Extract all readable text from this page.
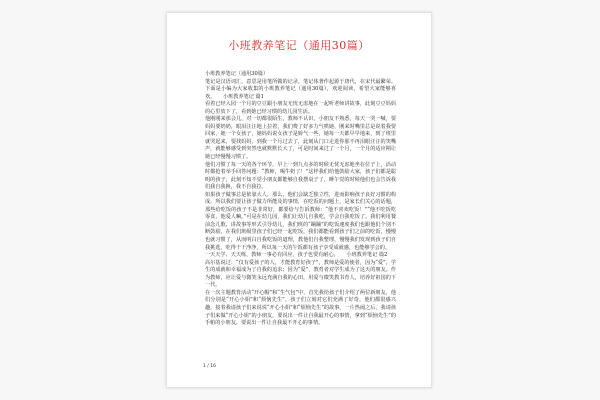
小班教养笔记（通用30篇）

小班教养笔记（通用30篇）

笔记是汉语词汇，意思是用笔所做的记录。笔记体著作起源于唐代，在宋代最繁荣。下面是小编为大家收集的小班教养笔记（通用30篇），欢迎阅读，希望大家能够喜欢。　　小班教养笔记 篇1

看着已经入园一个月的豆豆跟小朋友无忧无虑地在一起听老师讲故事，此刻豆豆妈妈的心里放下了，看到她已经习惯的幼儿园生活。

他刚刚来那会儿，对一切都很陌生，教师不认识，小朋友不熟悉，每天一哭一喊，要妈妈要奶奶，眼泪汪汪地上拉着，我们费了好多力气哄她，刚来时嘴里总是说着我要回家，她一个女孩子，她妈妈说女孩子是娇气一些，她每一天都早早地来，到了班里就哭起来，要找妈妈，到我一个月过去了，此刻从门口走进你那不再泪眼汪汪的笑嘴声，就能够感受到突然也就默默长大了，可是时间来过了一个月，一个月的适应期让她已经慢慢习惯了。

他们习惯了每一天的各个环节，早上一到九点多的时候无忧无虑地坐在位子上，活动时都抢着举手回答问题：“教师，喝牛奶了！”这样我们给他鼓励大家，孩子们都是聪明的孩子，此刻不知不觉小朋友都能够自我摆桌子了，睡午觉的时候他们也会告诉我们我自我换，我不自我拉。

如果孩子做事总是依靠大人，那么，他们会缺乏独立性，进而影响孩子良好习惯的构成。所以我们要让孩子做力所能及的事情，在吃饭的问题上，是家长们关心的话题，那些给吃饭的孩子不是非常好，都要给与告诉教师：“他不喜欢吃饭！”“他不吃饭吃零食，他爱人嘛。”可是在幼儿园，我们让幼儿自我吃，学会自我吃饭了。我们利用餐前念儿歌、讲故事等形式引导幼儿，我们班的“蹦蹦”的吃饭速度我们也跟他们个别不断鼓励，在我们班级里孩子们已经一起吃饭，我们都能看到孩子们之前的吃饭，慢慢也就习惯了，从而明白自我吃饭的道理，教他们自我整理，慢慢我们发现到孩子们自我挑选，吃得干干净净，所以每一天的午饭都有孩子享受成就感，也能够学会的。

一天天学、天天练，教师一事必有回应，孩子也要有耐心。　　小班教养笔记 篇2

高尔基说过：“仅有爱孩子的人，才能教育好孩子”，教师是爱的使者，因为“爱”，学生的成就和幸福成为了自我的追求；因为“爱”，教育者对学生成为了这天的朋友。作为教师，应让爱与微笑永远充满自我的心田，用爱与微笑教书育人，培养好祖国的下一代。

在一次主题教育活动“开心帽”和“生气包”中，首先我给孩子们介绍了两位新朋友，他们分别是“开心小姐”和“烦恼先生”，孩子们立刻对它们充满了好奇，他们都很感兴趣，接着我请孩子们来说说“开心小姐”和“烦恼先生”的故事，一片热闹之后，我请孩子们来做“开心小姐”的小朋友，要说出一件让自我最开心的事情，拿到“烦恼先生”的手帕的小朋友，要说出一件让自我最不开心的事情。

1 / 16
